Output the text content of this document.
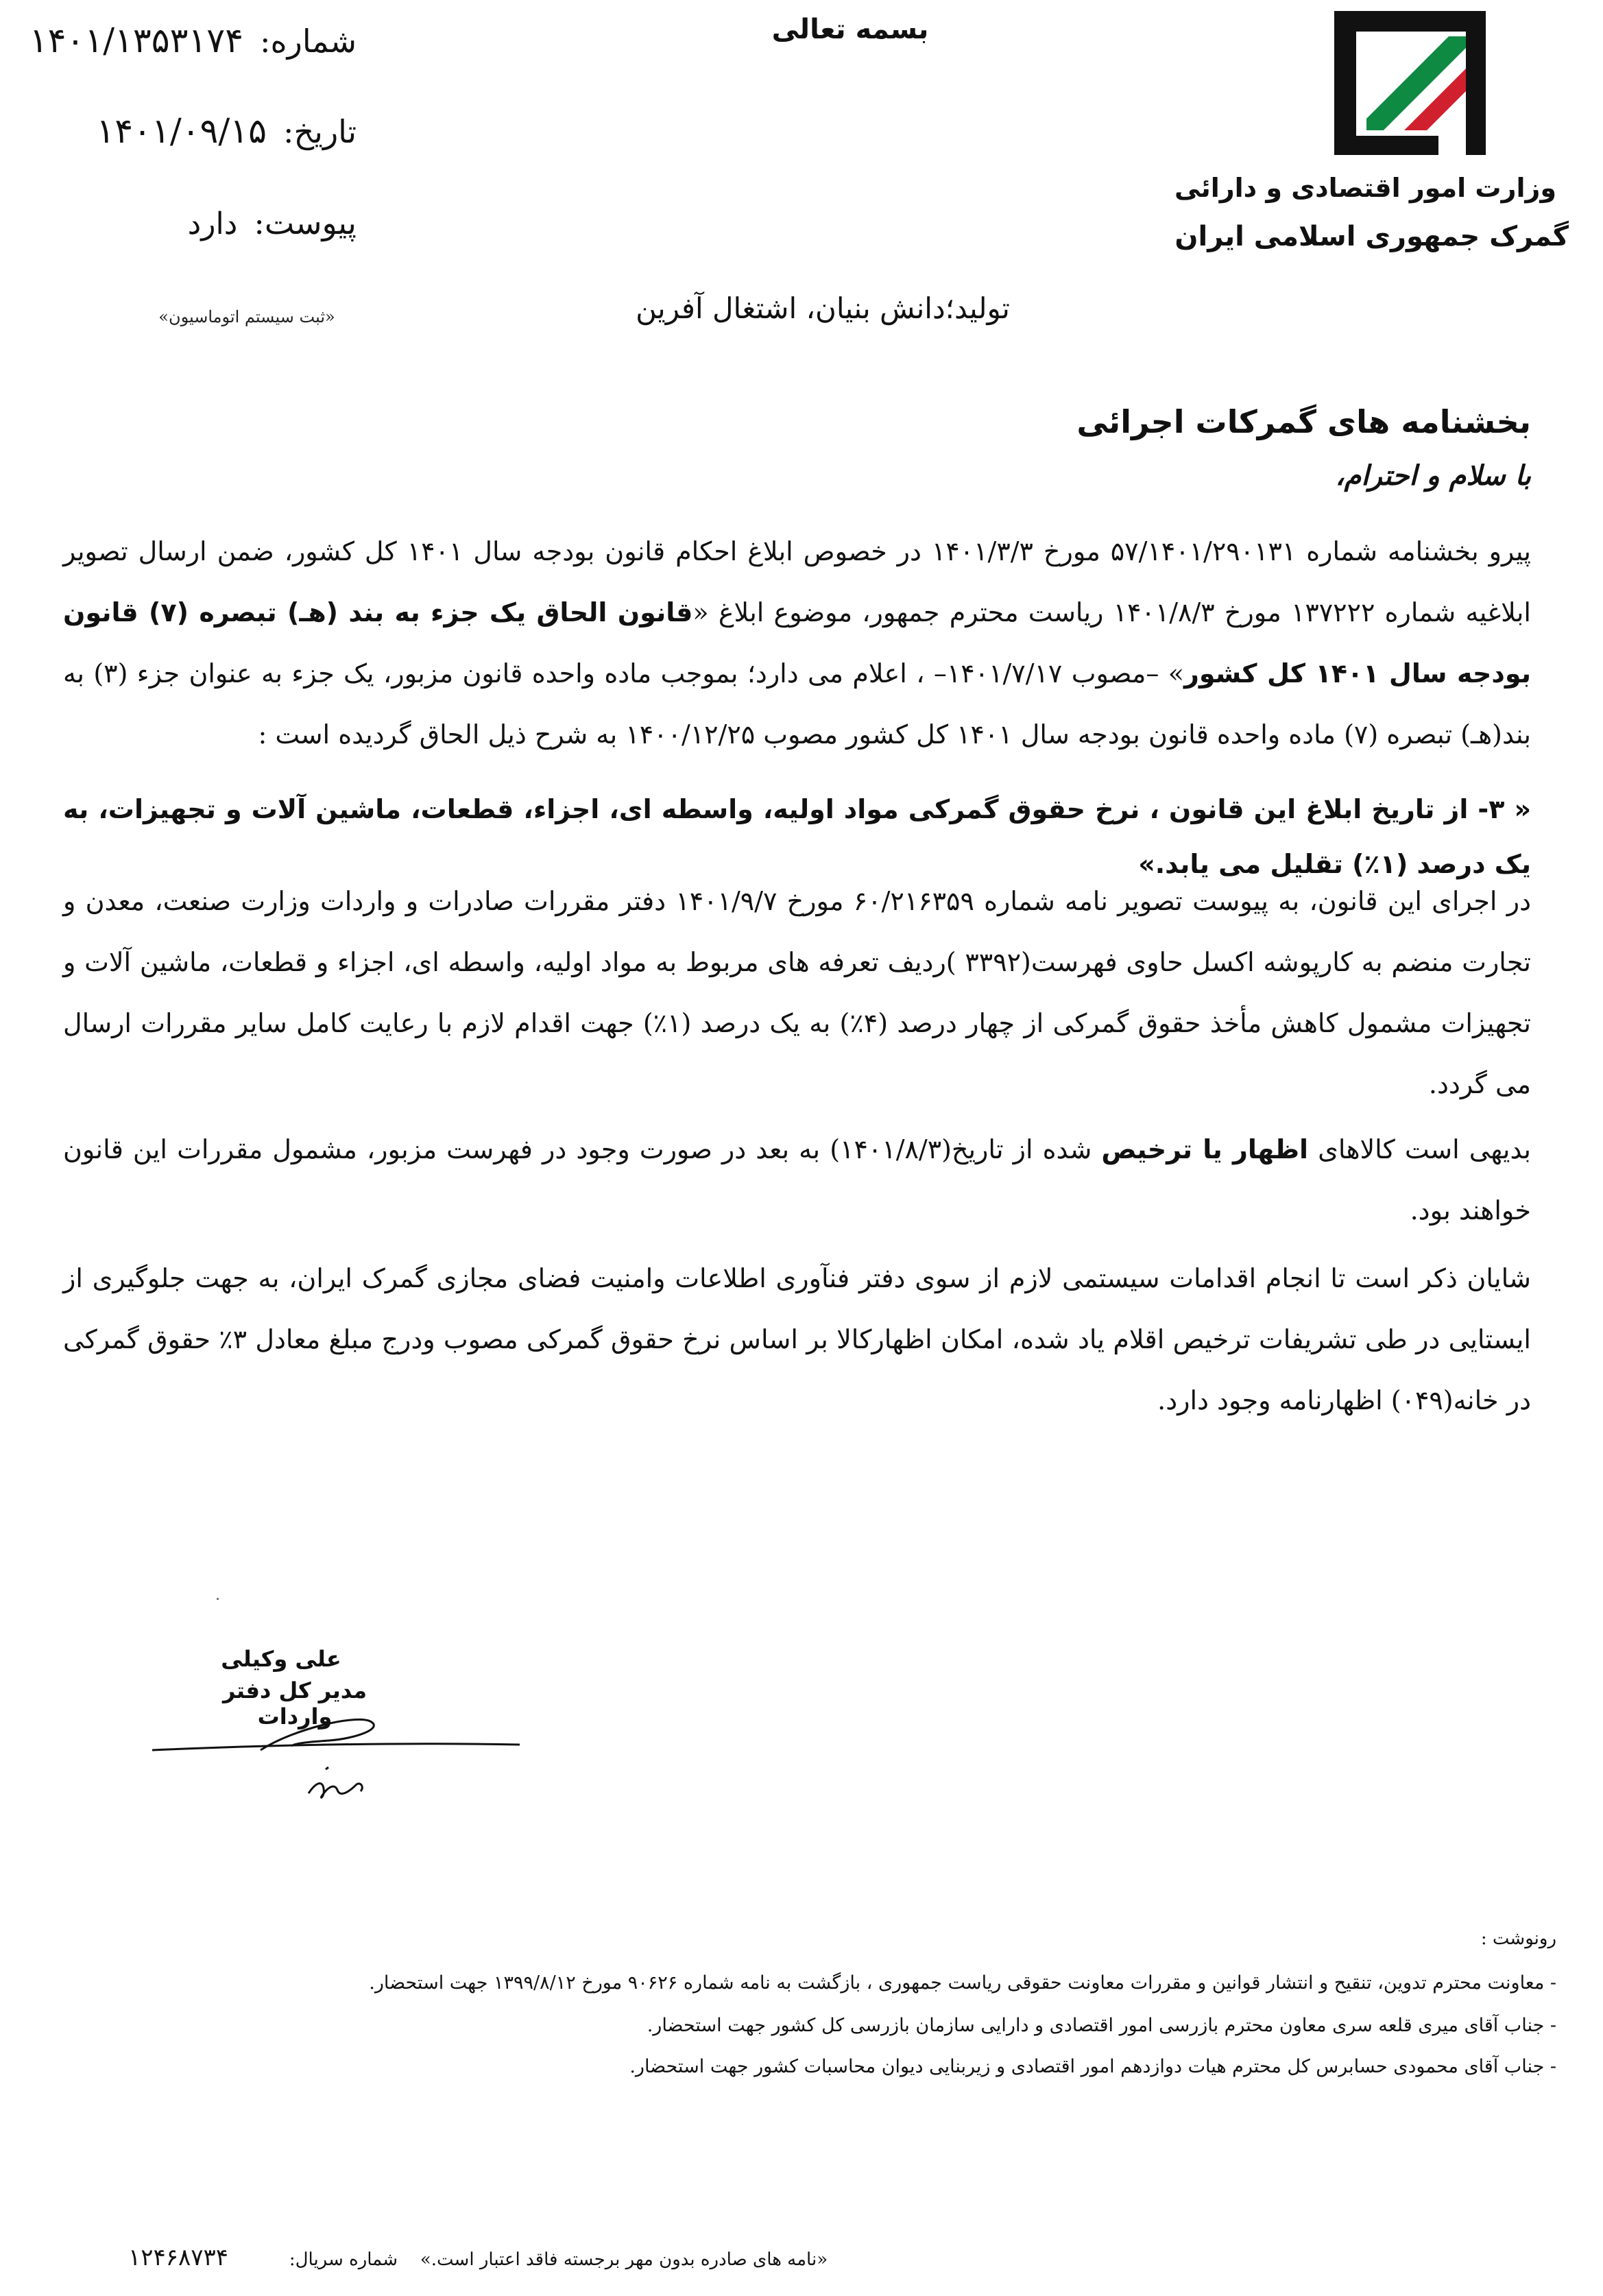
بسمه تعالی
وزارت امور اقتصادی و دارائی
گمرک جمهوری اسلامی ایران
شماره:۱۴۰۱/۱۳۵۳۱۷۴
تاریخ:۱۴۰۱/۰۹/۱۵
پیوست:دارد
«ثبت سیستم اتوماسیون»	تولید؛دانش بنیان، اشتغال آفرین
بخشنامه های گمرکات اجرائی
با سلام و احترام،
پیرو بخشنامه شماره ۵۷/۱۴۰۱/۲۹۰۱۳۱ مورخ ۱۴۰۱/۳/۳ در خصوص ابلاغ احکام قانون بودجه سال ۱۴۰۱ کل کشور، ضمن ارسال تصویر ابلاغیه شماره ۱۳۷۲۲۲ مورخ ۱۴۰۱/۸/۳ ریاست محترم جمهور، موضوع ابلاغ «قانون الحاق یک جزء به بند (هـ) تبصره (۷) قانون بودجه سال ۱۴۰۱ کل کشور» –مصوب ۱۴۰۱/۷/۱۷– ، اعلام می دارد؛ بموجب ماده واحده قانون مزبور، یک جزء به عنوان جزء (۳) به بند(هـ) تبصره (۷) ماده واحده قانون بودجه سال ۱۴۰۱ کل کشور مصوب ۱۴۰۰/۱۲/۲۵ به شرح ذیل الحاق گردیده است :
« ۳- از تاریخ ابلاغ این قانون ، نرخ حقوق گمرکی مواد اولیه، واسطه ای، اجزاء، قطعات، ماشین آلات و تجهیزات، به یک درصد (۱٪) تقلیل می یابد.»
در اجرای این قانون، به پیوست تصویر نامه شماره ۶۰/۲۱۶۳۵۹ مورخ ۱۴۰۱/۹/۷ دفتر مقررات صادرات و واردات وزارت صنعت، معدن و تجارت منضم به کارپوشه اکسل حاوی فهرست(۳۳۹۲ )ردیف تعرفه های مربوط به مواد اولیه، واسطه ای، اجزاء و قطعات، ماشین آلات و تجهیزات مشمول کاهش مأخذ حقوق گمرکی از چهار درصد (۴٪) به یک درصد (۱٪) جهت اقدام لازم با رعایت کامل سایر مقررات ارسال می گردد.
بدیهی است کالاهای اظهار یا ترخیص شده از تاریخ(۱۴۰۱/۸/۳) به بعد در صورت وجود در فهرست مزبور، مشمول مقررات این قانون خواهند بود.
شایان ذکر است تا انجام اقدامات سیستمی لازم از سوی دفتر فنآوری اطلاعات وامنیت فضای مجازی گمرک ایران، به جهت جلوگیری از ایستایی در طی تشریفات ترخیص اقلام یاد شده، امکان اظهارکالا بر اساس نرخ حقوق گمرکی مصوب ودرج مبلغ معادل ۳٪ حقوق گمرکی در خانه(۰۴۹) اظهارنامه وجود دارد.
علی وکیلی
مدیر کل دفتر واردات
رونوشت :
- معاونت محترم تدوین، تنقیح و انتشار قوانین و مقررات معاونت حقوقی ریاست جمهوری ، بازگشت به نامه شماره ۹۰۶۲۶ مورخ ۱۳۹۹/۸/۱۲ جهت استحضار.
- جناب آقای میری قلعه سری معاون محترم بازرسی امور اقتصادی و دارایی سازمان بازرسی کل کشور جهت استحضار.
- جناب آقای محمودی حسابرس کل محترم هیات دوازدهم امور اقتصادی و زیربنایی دیوان محاسبات کشور جهت استحضار.
«نامه های صادره بدون مهر برجسته فاقد اعتبار است.»
شماره سریال:
۱۲۴۶۸۷۳۴
